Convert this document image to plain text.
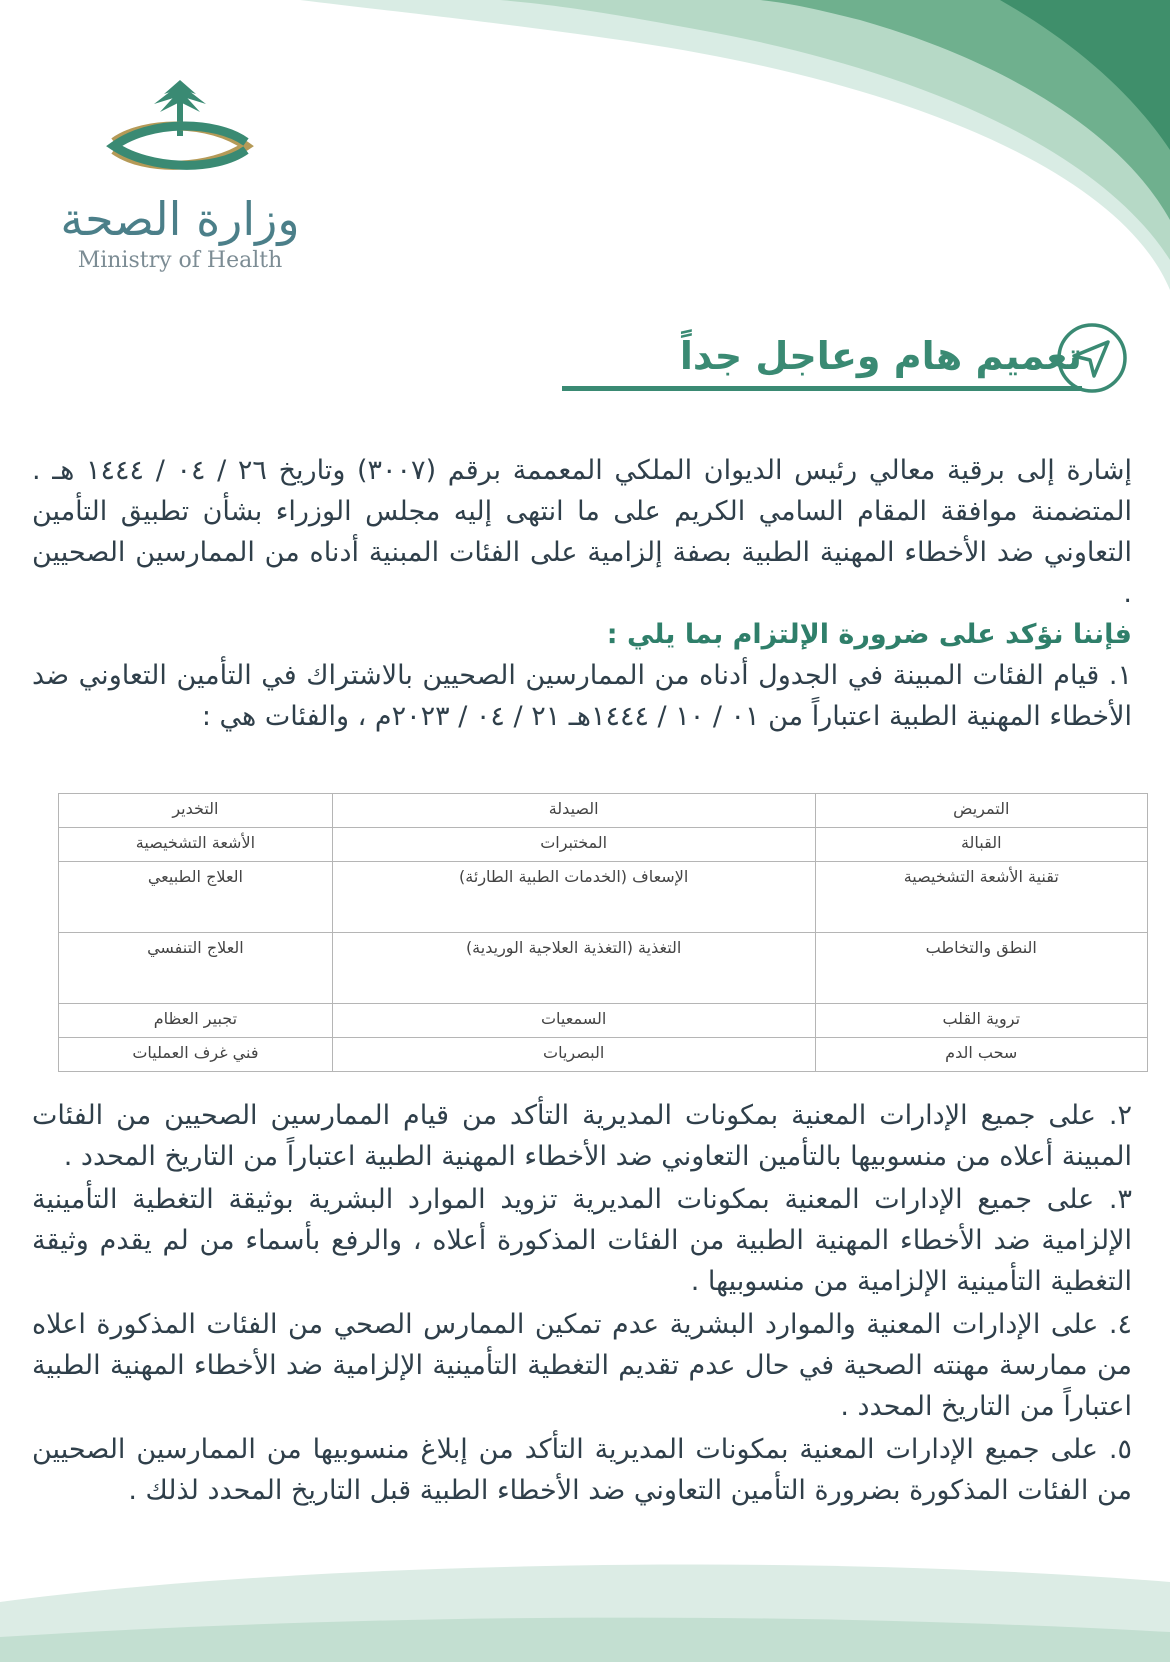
وزارة الصحة
Ministry of Health
تعميم هام وعاجل جداً

إشارة إلى برقية معالي رئيس الديوان الملكي المعممة برقم (٣٠٠٧) وتاريخ ٢٦ / ٠٤ / ١٤٤٤ هـ . المتضمنة موافقة المقام السامي الكريم على ما انتهى إليه مجلس الوزراء بشأن تطبيق التأمين التعاوني ضد الأخطاء المهنية الطبية بصفة إلزامية على الفئات المبنية أدناه من الممارسين الصحيين .

فإننا نؤكد على ضرورة الإلتزام بما يلي :

١. قيام الفئات المبينة في الجدول أدناه من الممارسين الصحيين بالاشتراك في التأمين التعاوني ضد الأخطاء المهنية الطبية اعتباراً من ٠١ / ١٠ / ١٤٤٤هـ ٢١ / ٠٤ / ٢٠٢٣م ، والفئات هي :

التمريض	الصيدلة	التخدير
القبالة	المختبرات	الأشعة التشخيصية
تقنية الأشعة التشخيصية	الإسعاف (الخدمات الطبية الطارئة)	العلاج الطبيعي
النطق والتخاطب	التغذية (التغذية العلاجية الوريدية)	العلاج التنفسي
تروية القلب	السمعيات	تجبير العظام
سحب الدم	البصريات	فني غرف العمليات

٢. على جميع الإدارات المعنية بمكونات المديرية التأكد من قيام الممارسين الصحيين من الفئات المبينة أعلاه من منسوبيها بالتأمين التعاوني ضد الأخطاء المهنية الطبية اعتباراً من التاريخ المحدد .

٣. على جميع الإدارات المعنية بمكونات المديرية تزويد الموارد البشرية بوثيقة التغطية التأمينية الإلزامية ضد الأخطاء المهنية الطبية من الفئات المذكورة أعلاه ، والرفع بأسماء من لم يقدم وثيقة التغطية التأمينية الإلزامية من منسوبيها .

٤. على الإدارات المعنية والموارد البشرية عدم تمكين الممارس الصحي من الفئات المذكورة اعلاه من ممارسة مهنته الصحية في حال عدم تقديم التغطية التأمينية الإلزامية ضد الأخطاء المهنية الطبية اعتباراً من التاريخ المحدد .

٥. على جميع الإدارات المعنية بمكونات المديرية التأكد من إبلاغ منسوبيها من الممارسين الصحيين من الفئات المذكورة بضرورة التأمين التعاوني ضد الأخطاء الطبية قبل التاريخ المحدد لذلك .
